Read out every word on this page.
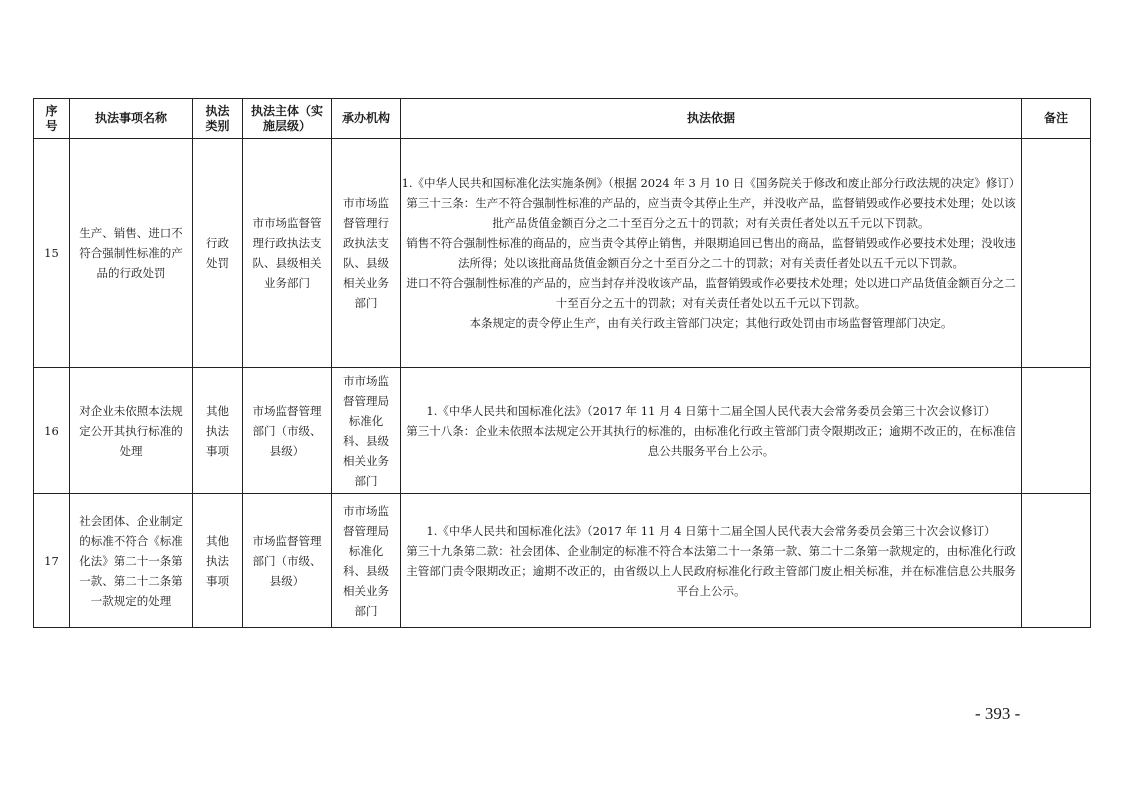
序号	执法事项名称	执法类别	执法主体（实施层级）	承办机构	执法依据	备注

15	生产、销售、进口不符合强制性标准的产品的行政处罚	行政处罚	市市场监督管理行政执法支队、县级相关业务部门	市市场监督管理行政执法支队、县级相关业务部门	1.《中华人民共和国标准化法实施条例》（根据 2024 年 3 月 10 日《国务院关于修改和废止部分行政法规的决定》修订）

第三十三条：生产不符合强制性标准的产品的，应当责令其停止生产，并没收产品，监督销毁或作必要技术处理；处以该批产品货值金额百分之二十至百分之五十的罚款；对有关责任者处以五千元以下罚款。

销售不符合强制性标准的商品的，应当责令其停止销售，并限期追回已售出的商品，监督销毁或作必要技术处理；没收违法所得；处以该批商品货值金额百分之十至百分之二十的罚款；对有关责任者处以五千元以下罚款。

进口不符合强制性标准的产品的，应当封存并没收该产品，监督销毁或作必要技术处理；处以进口产品货值金额百分之二十至百分之五十的罚款；对有关责任者处以五千元以下罚款。

本条规定的责令停止生产，由有关行政主管部门决定；其他行政处罚由市场监督管理部门决定。	

16	对企业未依照本法规定公开其执行标准的处理	其他执法事项	市场监督管理部门（市级、县级）	市市场监督管理局标准化科、县级相关业务部门	1.《中华人民共和国标准化法》（2017 年 11 月 4 日第十二届全国人民代表大会常务委员会第三十次会议修订）

第三十八条：企业未依照本法规定公开其执行的标准的，由标准化行政主管部门责令限期改正；逾期不改正的，在标准信息公共服务平台上公示。	

17	社会团体、企业制定的标准不符合《标准化法》第二十一条第一款、第二十二条第一款规定的处理	其他执法事项	市场监督管理部门（市级、县级）	市市场监督管理局标准化科、县级相关业务部门	1.《中华人民共和国标准化法》（2017 年 11 月 4 日第十二届全国人民代表大会常务委员会第三十次会议修订）

第三十九条第二款：社会团体、企业制定的标准不符合本法第二十一条第一款、第二十二条第一款规定的，由标准化行政主管部门责令限期改正；逾期不改正的，由省级以上人民政府标准化行政主管部门废止相关标准，并在标准信息公共服务平台上公示。	

- 393 -
